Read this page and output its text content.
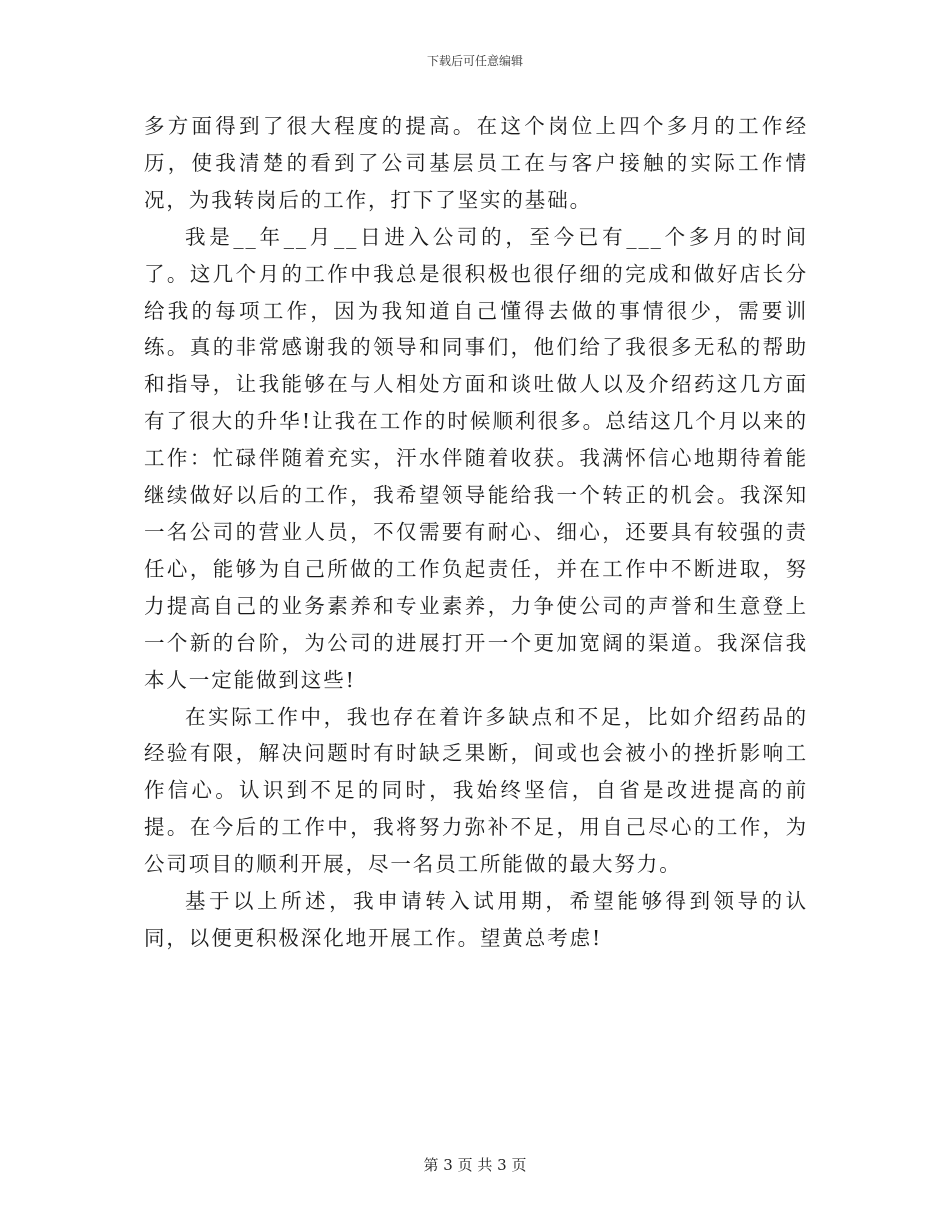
下载后可任意编辑

多方面得到了很大程度的提高。在这个岗位上四个多月的工作经历，使我清楚的看到了公司基层员工在与客户接触的实际工作情况，为我转岗后的工作，打下了坚实的基础。

我是__年__月__日进入公司的，至今已有___个多月的时间了。这几个月的工作中我总是很积极也很仔细的完成和做好店长分给我的每项工作，因为我知道自己懂得去做的事情很少，需要训练。真的非常感谢我的领导和同事们，他们给了我很多无私的帮助和指导，让我能够在与人相处方面和谈吐做人以及介绍药这几方面有了很大的升华!让我在工作的时候顺利很多。总结这几个月以来的工作：忙碌伴随着充实，汗水伴随着收获。我满怀信心地期待着能继续做好以后的工作，我希望领导能给我一个转正的机会。我深知一名公司的营业人员，不仅需要有耐心、细心，还要具有较强的责任心，能够为自己所做的工作负起责任，并在工作中不断进取，努力提高自己的业务素养和专业素养，力争使公司的声誉和生意登上一个新的台阶，为公司的进展打开一个更加宽阔的渠道。我深信我本人一定能做到这些!

在实际工作中，我也存在着许多缺点和不足，比如介绍药品的经验有限，解决问题时有时缺乏果断，间或也会被小的挫折影响工作信心。认识到不足的同时，我始终坚信，自省是改进提高的前提。在今后的工作中，我将努力弥补不足，用自己尽心的工作，为公司项目的顺利开展，尽一名员工所能做的最大努力。

基于以上所述，我申请转入试用期，希望能够得到领导的认同，以便更积极深化地开展工作。望黄总考虑!

第 3 页 共 3 页
